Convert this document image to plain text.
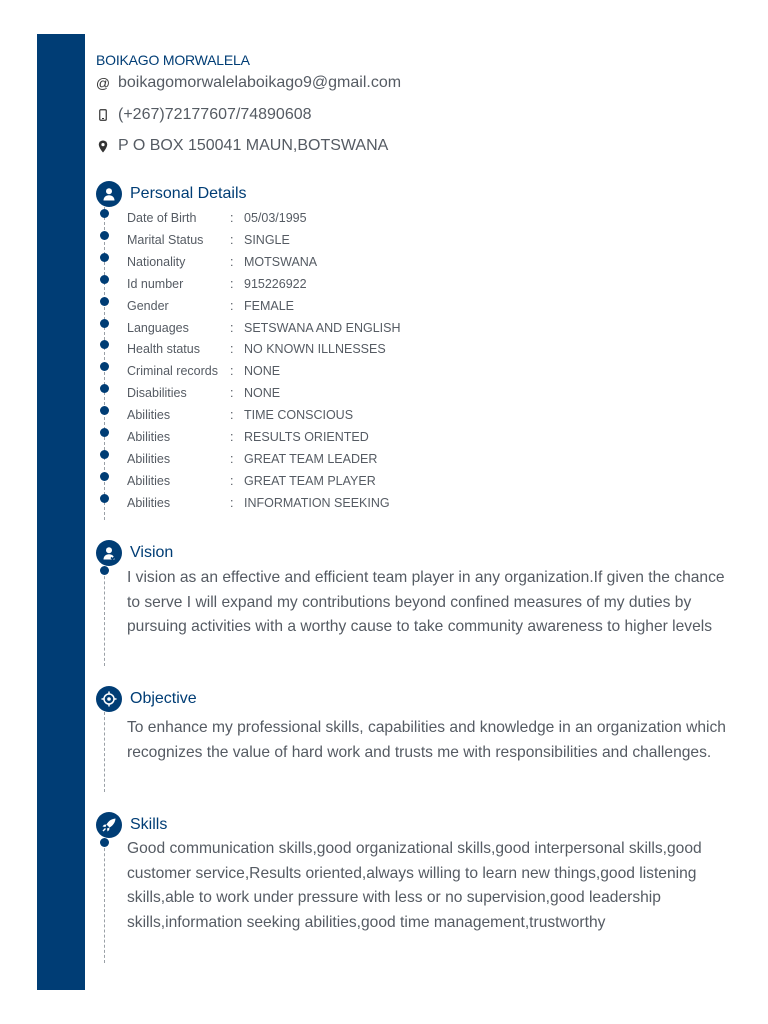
BOIKAGO MORWALELA
@ boikagomorwalelaboikago9@gmail.com
(+267)72177607/74890608
P O BOX 150041 MAUN,BOTSWANA
Personal Details
Date of Birth	: 05/03/1995
Marital Status	: SINGLE
Nationality	: MOTSWANA
Id number	: 915226922
Gender	: FEMALE
Languages	: SETSWANA AND ENGLISH
Health status	: NO KNOWN ILLNESSES
Criminal records : NONE
Disabilities	: NONE
Abilities	: TIME CONSCIOUS
Abilities	: RESULTS ORIENTED
Abilities	: GREAT TEAM LEADER
Abilities	: GREAT TEAM PLAYER
Abilities	: INFORMATION SEEKING
Vision
I vision as an effective and efficient team player in any organization.If given the chance to serve I will expand my contributions beyond confined measures of my duties by pursuing activities with a worthy cause to take community awareness to higher levels
Objective
To enhance my professional skills, capabilities and knowledge in an organization which recognizes the value of hard work and trusts me with responsibilities and challenges.
Skills
Good communication skills,good organizational skills,good interpersonal skills,good customer service,Results oriented,always willing to learn new things,good listening skills,able to work under pressure with less or no supervision,good leadership skills,information seeking abilities,good time management,trustworthy
